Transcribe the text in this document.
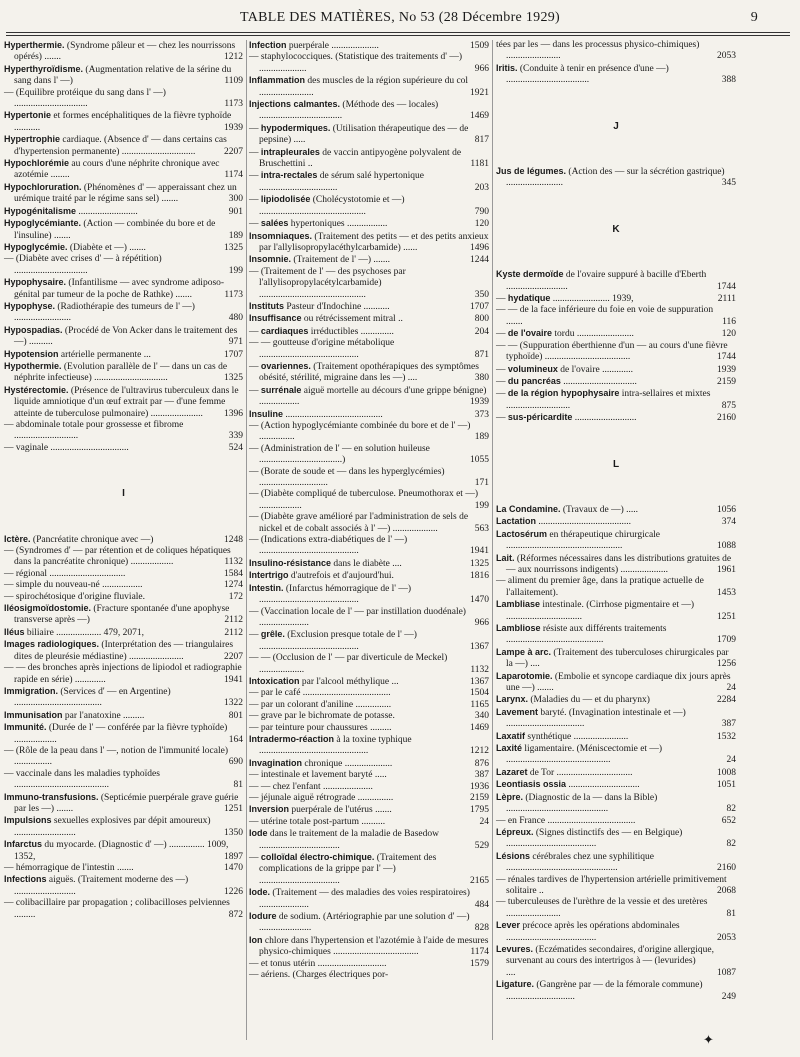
TABLE DES MATIÈRES, No 53 (28 Décembre 1929)	9
Hyperthermie. (Syndrome pâleur et — chez les nourrissons opérés) .......	1212
Hyperthyroïdisme. (Augmentation relative de la sérine du sang dans l' —)	1109
— (Equilibre protéique du sang dans l' —) ...............................	1173
Hypertonie et formes encéphalitiques de la fièvre typhoïde ...........	1939
Hypertrophie cardiaque. (Absence d' — dans certains cas d'hypertension permanente) ...............................	2207
Hypochlorémie au cours d'une néphrite chronique avec azotémie ........	1174
Hypochloruration. (Phénomènes d' — apperaissant chez un urémique traité par le régime sans sel) .......	300
Hypogénitalisme .........................	901
Hypoglycémiante. (Action — combinée du bore et de l'insuline) .......	189
Hypoglycémie. (Diabète et —) .......	1325
— (Diabète avec crises d' — à répétition) ...............................	199
Hypophysaire. (Infantilisme — avec syndrome adiposo-génital par tumeur de la poche de Rathke) .......	1173
Hypophyse. (Radiothérapie des tumeurs de l' —) ........................	480
Hypospadias. (Procédé de Von Acker dans le traitement des —) ..........	971
Hypotension artérielle permanente ...	1707
Hypothermie. (Evolution parallèle de l' — dans un cas de néphrite infectieuse) ...............................	1325
Hystérectomie. (Présence de l'ultravirus tuberculeux dans le liquide amniotique d'un œuf extrait par — d'une femme atteinte de tuberculose pulmonaire) ...................... 1396
— abdominale totale pour grossesse et fibrome ...........................	339
— vaginale .................................	524
I
Ictère. (Pancréatite chronique avec —)	1248
— (Syndromes d' — par rétention et de coliques hépatiques dans la pancréatite chronique) ..................	1132
— régional ................................	1584
— simple du nouveau-né .................	1274
— spirochétosique d'origine fluviale.	172
Iléosigmoïdostomie. (Fracture spontanée d'une apophyse transverse après —)	2112
Iléus biliaire ................... 479, 2071,	2112
Images radiologiques. (Interprétation des — triangulaires dites de pleurésie médiastine) .......................	2207
— — des bronches après injections de lipiodol et radiographie rapide en série) .............	1941
Immigration. (Services d' — en Argentine) .....................................	1322
Immunisation par l'anatoxine .........	801
Immunité. (Durée de l' — conférée par la fièvre typhoïde) ..................	164
— (Rôle de la peau dans l' —, notion de l'immunité locale) ................	690
— vaccinale dans les maladies typhoïdes ........................................	81
Immuno-transfusions. (Septicémie puerpérale grave guérie par les —) .......	1251
Impulsions sexuelles explosives par dépit amoureux) ..........................	1350
Infarctus du myocarde. (Diagnostic d' —) ............... 1009, 1352,	1897
— hémorragique de l'intestin .......	1470
Infections aiguës. (Traitement moderne des —) ..........................	1226
— colibacillaire par propagation ; colibacilloses pelviennes .........	872
Infection puerpérale ....................	1509
— staphylococciques. (Statistique des traitements d' —) ....................	966
Inflammation des muscles de la région supérieure du col .......................	1921
Injections calmantes. (Méthode des — locales) ...................................	1469
— hypodermiques. (Utilisation thérapeutique des — de pepsine) .....	817
— intrapleurales de vaccin antipyogène polyvalent de Bruschettini ..	1181
— intra-rectales de sérum salé hypertonique .................................	203
— lipiodolisée (Cholécystotomie et —) .............................................	790
— salées hypertoniques .................	120
Insomniaques. (Traitement des petits — et des petits anxieux par l'allylisopropylacéthylcarbamide) ......	1496
Insomnie. (Traitement de l' —) .......	1244
— (Traitement de l' — des psychoses par l'allylisopropylacétylcarbamide) .............................................	350
Instituts Pasteur d'Indochine ...........	1707
Insuffisance ou rétrécissement mitral ..	800
— cardiaques irréductibles ..............	204
— — goutteuse d'origine métabolique ..........................................	871
— ovariennes. (Traitement opothérapiques des symptômes obésité, stérilité, migraine dans les —) ....	380
— surrénale aiguë mortelle au décours d'une grippe bénigne) .................	1939
Insuline .........................................	373
— (Action hypoglycémiante combinée du bore et de l' —) ...............	189
— (Administration de l' — en solution huileuse ...................................)	1055
— (Borate de soude et — dans les hyperglycémies) .............................	171
— (Diabète compliqué de tuberculose. Pneumothorax et —) ..................	199
— (Diabète grave amélioré par l'administration de sels de nickel et de cobalt associés à l' —) ...................	563
— (Indications extra-diabétiques de l' —) ..........................................	1941
Insulino-résistance dans le diabète ....	1325
Intertrigo d'autrefois et d'aujourd'hui.	1816
Intestin. (Infarctus hémorragique de l' —) ..........................................	1470
— (Vaccination locale de l' — par instillation duodénale) .....................	966
— grêle. (Exclusion presque totale de l' —) ..........................................	1367
— — (Occlusion de l' — par diverticule de Meckel) ...................	1132
Intoxication par l'alcool méthylique ...	1367
— par le café .....................................	1504
— par un colorant d'aniline ...............	1165
— grave par le bichromate de potasse.	340
— par teinture pour chaussures .........	1469
Intradermo-réaction à la toxine typhique ..............................................	1212
Invagination chronique ....................	876
— intestinale et lavement baryté .....	387
— — chez l'enfant .....................	1936
— jéjunale aiguë rétrograde ...............	2159
Inversion puerpérale de l'utérus .......	1795
— utérine totale post-partum ..........	24
Iode dans le traitement de la maladie de Basedow ..................................	529
— colloïdal électro-chimique. (Traitement des complications de la grippe par l' —) ..................................	2165
Iode. (Traitement — des maladies des voies respiratoires) .....................	484
Iodure de sodium. (Artériographie par une solution d' —) ......................	828
Ion chlore dans l'hypertension et l'azotémie à l'aide de mesures physico-chimiques ....................................	1174
— et tonus utérin .............................	1579
— aériens. (Charges électriques por-
tées par les — dans les processus physico-chimiques) .......................	2053
Iritis. (Conduite à tenir en présence d'une —) ...................................	388
J
Jus de légumes. (Action des — sur la sécrétion gastrique) ........................	345
K
Kyste dermoïde de l'ovaire suppuré à bacille d'Eberth ..........................	1744
— hydatique ........................ 1939,	2111
— — de la face inférieure du foie en voie de suppuration .......	116
— de l'ovaire tordu ........................	120
— — (Suppuration éberthienne d'un — au cours d'une fièvre typhoïde) ....................................	1744
— volumineux de l'ovaire .............	1939
— du pancréas ...............................	2159
— de la région hypophysaire intra-sellaires et mixtes ...........................	875
— sus-péricardite ..........................	2160
L
La Condamine. (Travaux de —) .....	1056
Lactation .......................................	374
Lactosérum en thérapeutique chirurgicale .................................................	1088
Lait. (Réformes nécessaires dans les distributions gratuites de — aux nourrissons indigents) ....................	1961
— aliment du premier âge, dans la pratique actuelle de l'allaitement).	1453
Lambliase intestinale. (Cirrhose pigmentaire et —) ................................	1251
Lambliose résiste aux différents traitements .........................................	1709
Lampe à arc. (Traitement des tuberculoses chirurgicales par la —) ....	1256
Laparotomie. (Embolie et syncope cardiaque dix jours après une —) .......	24
Larynx. (Maladies du — et du pharynx)	2284
Lavement baryté. (Invagination intestinale et —) .................................	387
Laxatif synthétique .......................	1532
Laxité ligamentaire. (Méniscectomie et —) ............................................	24
Lazaret de Tor ................................	1008
Leontiasis ossia ..............................	1051
Lèpre. (Diagnostic de la — dans la Bible) ...........................................	82
— en France .....................................	652
Lépreux. (Signes distinctifs des — en Belgique) ......................................	82
Lésions cérébrales chez une syphilitique ...............................................	2160
— rénales tardives de l'hypertension artérielle primitivement solitaire ..	2068
— tuberculeuses de l'urèthre de la vessie et des uretères .......................	81
Lever précoce après les opérations abdominales ......................................	2053
Levures. (Eczématides secondaires, d'origine allergique, survenant au cours des intertrigos à — (levurides) ....	1087
Ligature. (Gangrène par — de la fémorale commune) .............................	249
✦
